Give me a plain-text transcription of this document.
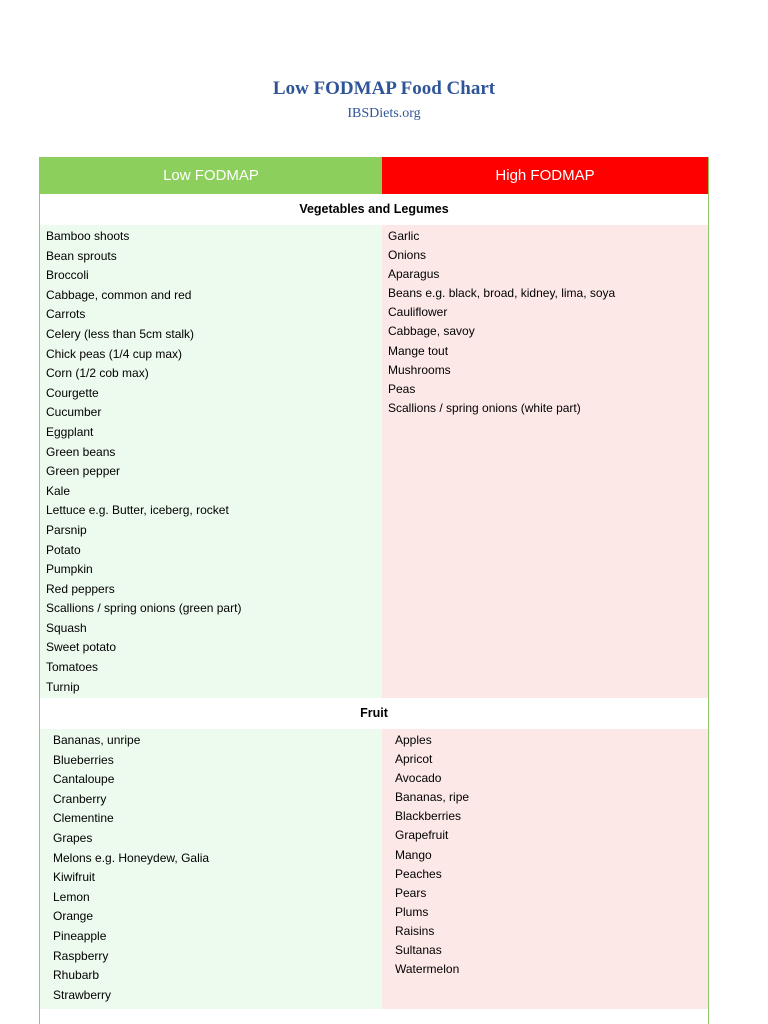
Low FODMAP Food Chart
IBSDiets.org
Low FODMAP	High FODMAP
Vegetables and Legumes
Bamboo shoots
Bean sprouts
Broccoli
Cabbage, common and red
Carrots
Celery (less than 5cm stalk)
Chick peas (1/4 cup max)
Corn (1/2 cob max)
Courgette
Cucumber
Eggplant
Green beans
Green pepper
Kale
Lettuce e.g. Butter, iceberg, rocket
Parsnip
Potato
Pumpkin
Red peppers
Scallions / spring onions (green part)
Squash
Sweet potato
Tomatoes
Turnip
Garlic
Onions
Aparagus
Beans e.g. black, broad, kidney, lima, soya
Cauliflower
Cabbage, savoy
Mange tout
Mushrooms
Peas
Scallions / spring onions (white part)
Fruit
Bananas, unripe
Blueberries
Cantaloupe
Cranberry
Clementine
Grapes
Melons e.g. Honeydew, Galia
Kiwifruit
Lemon
Orange
Pineapple
Raspberry
Rhubarb
Strawberry
Apples
Apricot
Avocado
Bananas, ripe
Blackberries
Grapefruit
Mango
Peaches
Pears
Plums
Raisins
Sultanas
Watermelon
